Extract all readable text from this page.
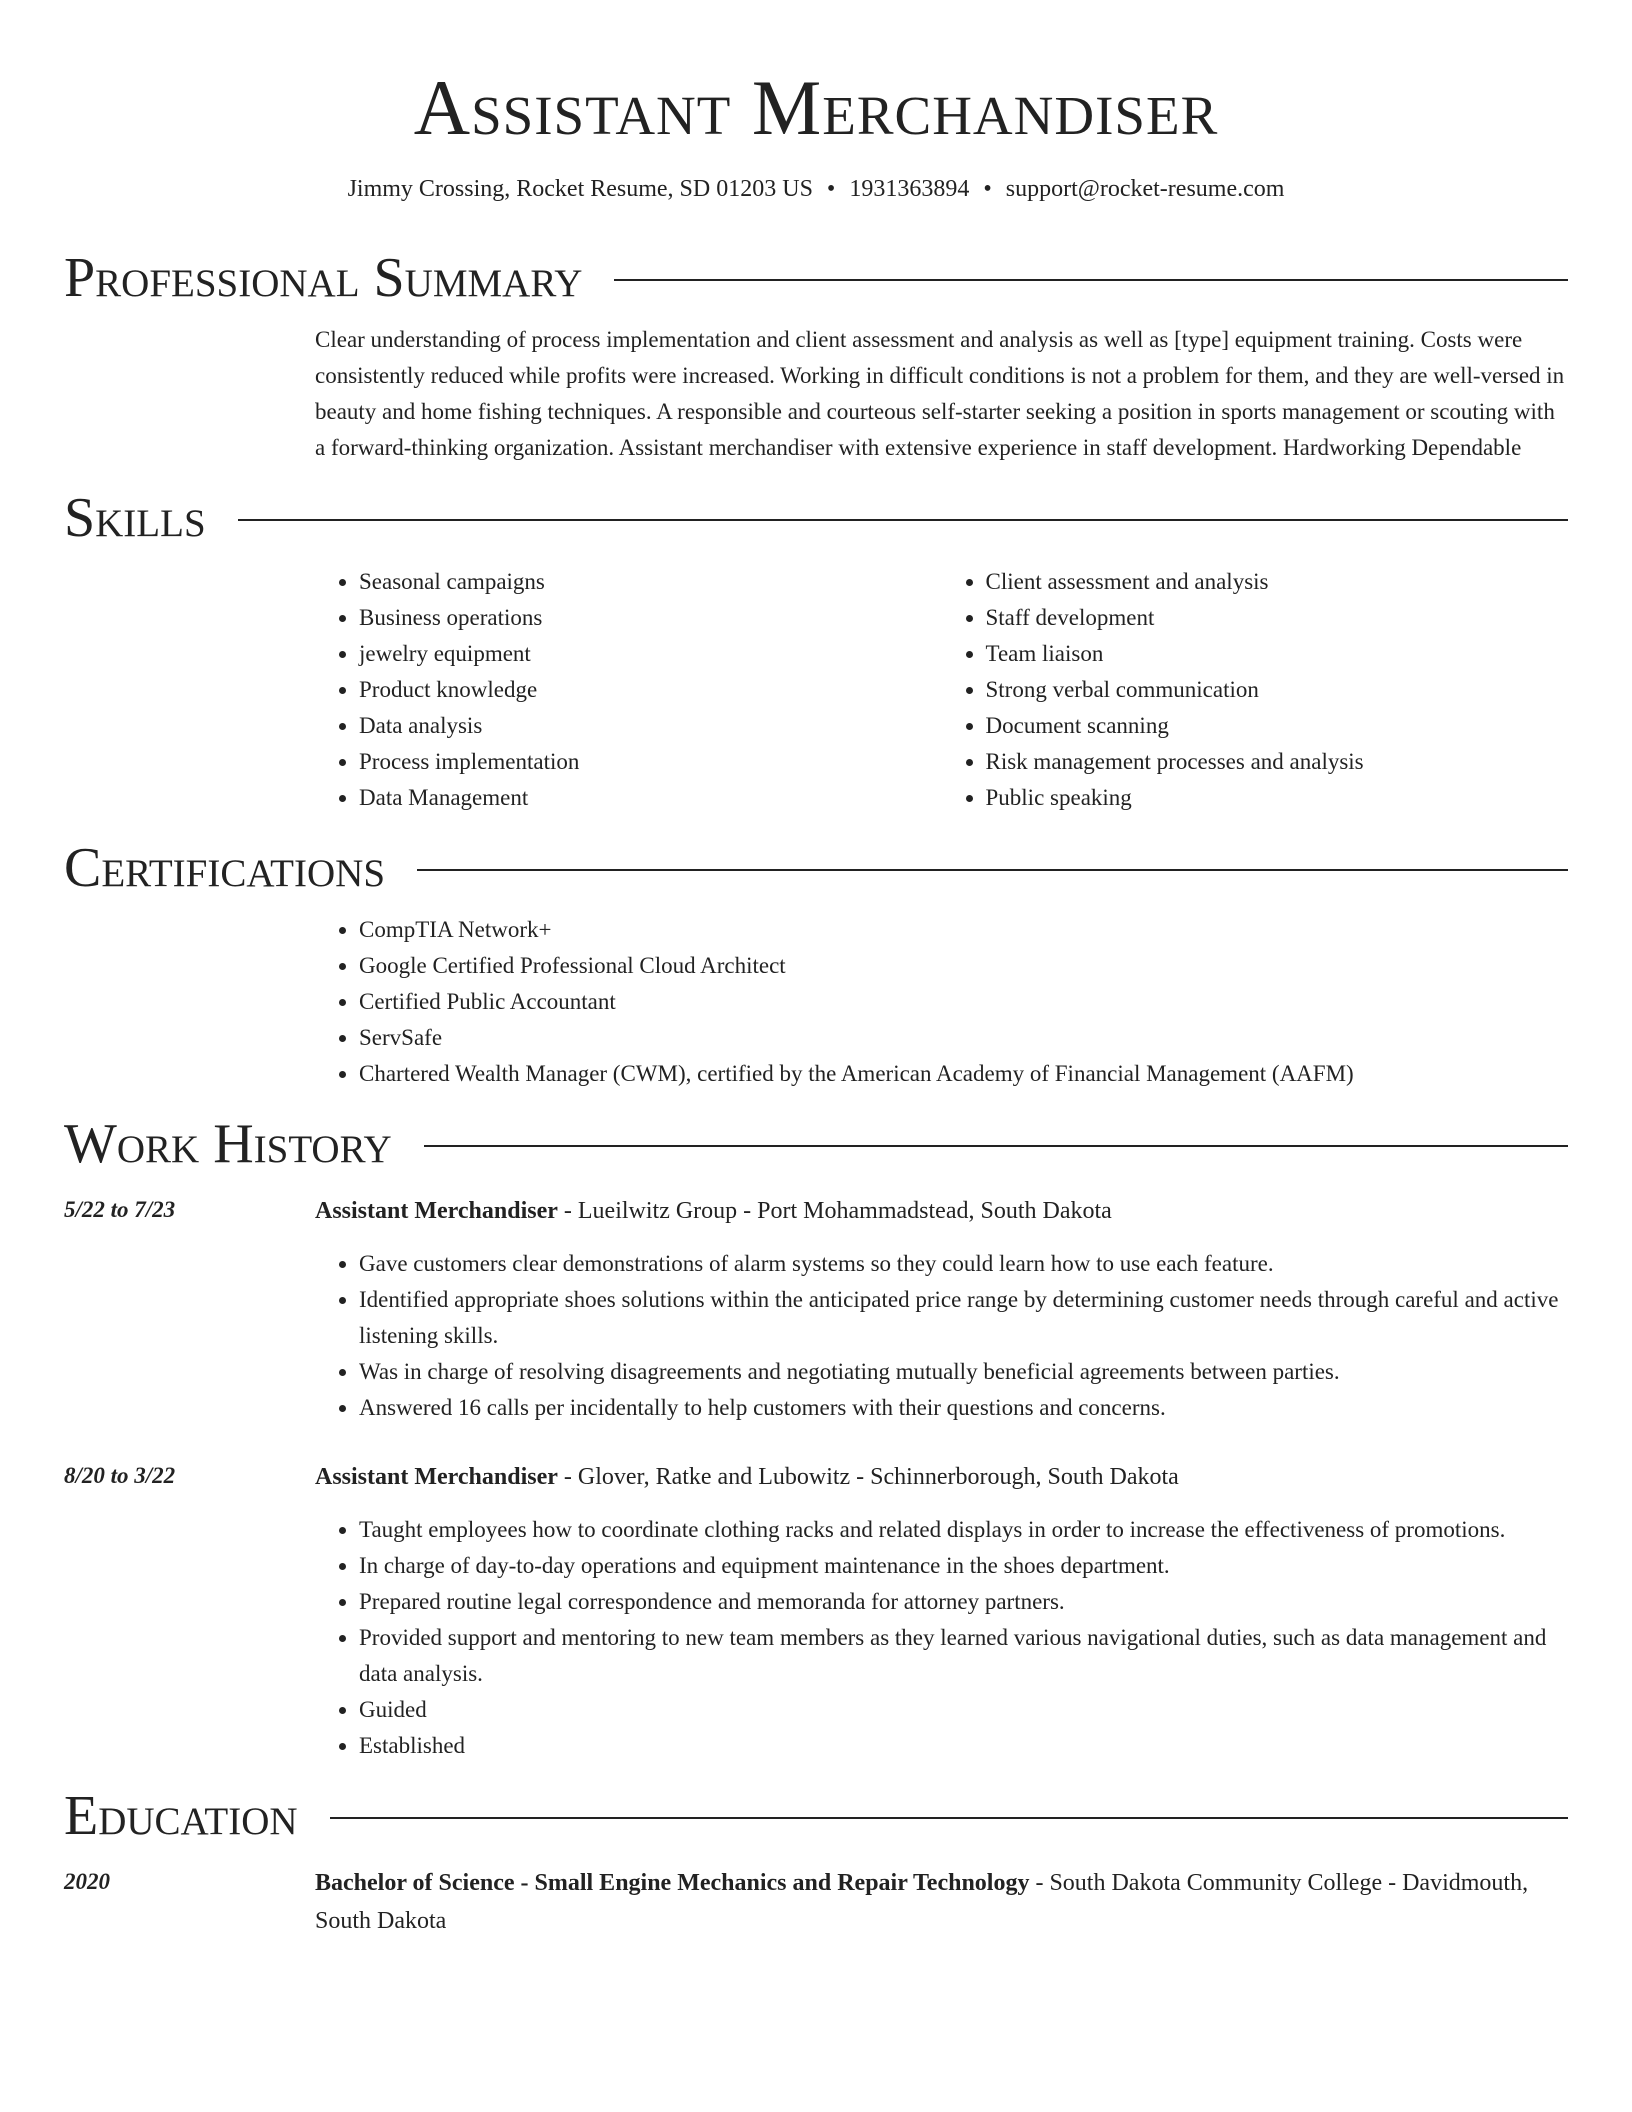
Assistant Merchandiser
Jimmy Crossing, Rocket Resume, SD 01203 US • 1931363894 • support@rocket-resume.com
Professional Summary
Clear understanding of process implementation and client assessment and analysis as well as [type] equipment training. Costs were consistently reduced while profits were increased. Working in difficult conditions is not a problem for them, and they are well-versed in beauty and home fishing techniques. A responsible and courteous self-starter seeking a position in sports management or scouting with a forward-thinking organization. Assistant merchandiser with extensive experience in staff development. Hardworking Dependable
Skills
• Seasonal campaigns
• Business operations
• jewelry equipment
• Product knowledge
• Data analysis
• Process implementation
• Data Management
• Client assessment and analysis
• Staff development
• Team liaison
• Strong verbal communication
• Document scanning
• Risk management processes and analysis
• Public speaking
Certifications
• CompTIA Network+
• Google Certified Professional Cloud Architect
• Certified Public Accountant
• ServSafe
• Chartered Wealth Manager (CWM), certified by the American Academy of Financial Management (AAFM)
Work History
5/22 to 7/23	Assistant Merchandiser - Lueilwitz Group - Port Mohammadstead, South Dakota
• Gave customers clear demonstrations of alarm systems so they could learn how to use each feature.
• Identified appropriate shoes solutions within the anticipated price range by determining customer needs through careful and active listening skills.
• Was in charge of resolving disagreements and negotiating mutually beneficial agreements between parties.
• Answered 16 calls per incidentally to help customers with their questions and concerns.
8/20 to 3/22	Assistant Merchandiser - Glover, Ratke and Lubowitz - Schinnerborough, South Dakota
• Taught employees how to coordinate clothing racks and related displays in order to increase the effectiveness of promotions.
• In charge of day-to-day operations and equipment maintenance in the shoes department.
• Prepared routine legal correspondence and memoranda for attorney partners.
• Provided support and mentoring to new team members as they learned various navigational duties, such as data management and data analysis.
• Guided
• Established
Education
2020	Bachelor of Science - Small Engine Mechanics and Repair Technology - South Dakota Community College - Davidmouth, South Dakota
